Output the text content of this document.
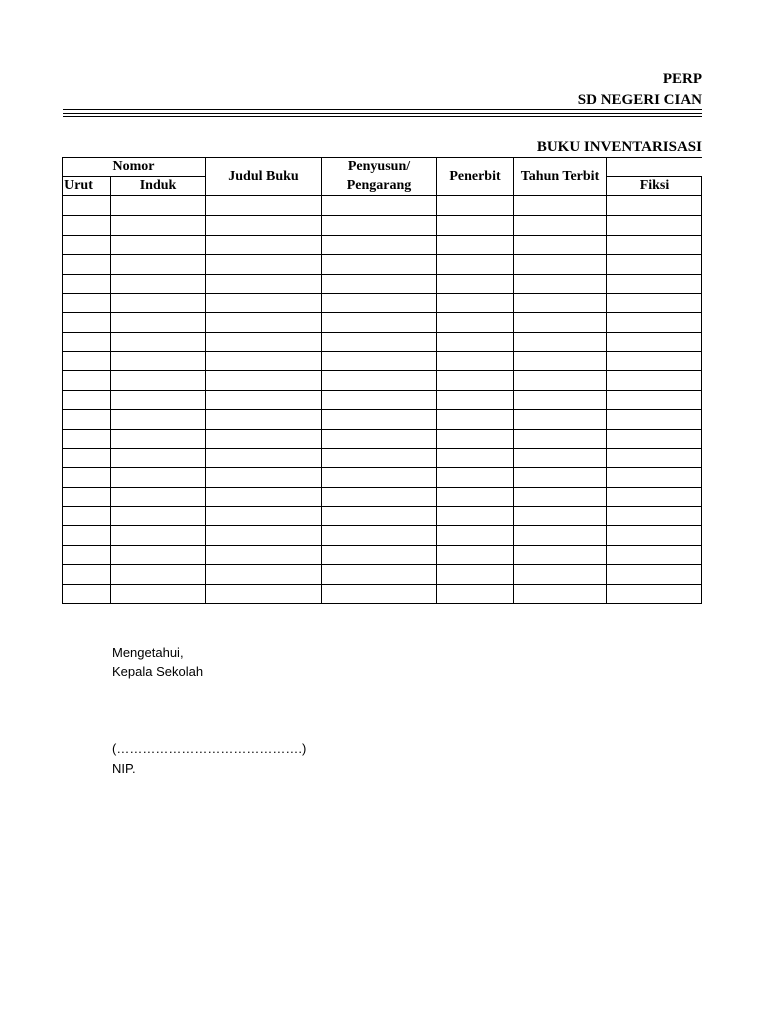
PERP
SD NEGERI CIAN
BUKU INVENTARISASI
Nomor
Urut	Induk
Judul Buku
Penyusun/
Pengarang
Penerbit	Tahun Terbit
Fiksi
Mengetahui,
Kepala Sekolah
(…………………………………….)
NIP.
